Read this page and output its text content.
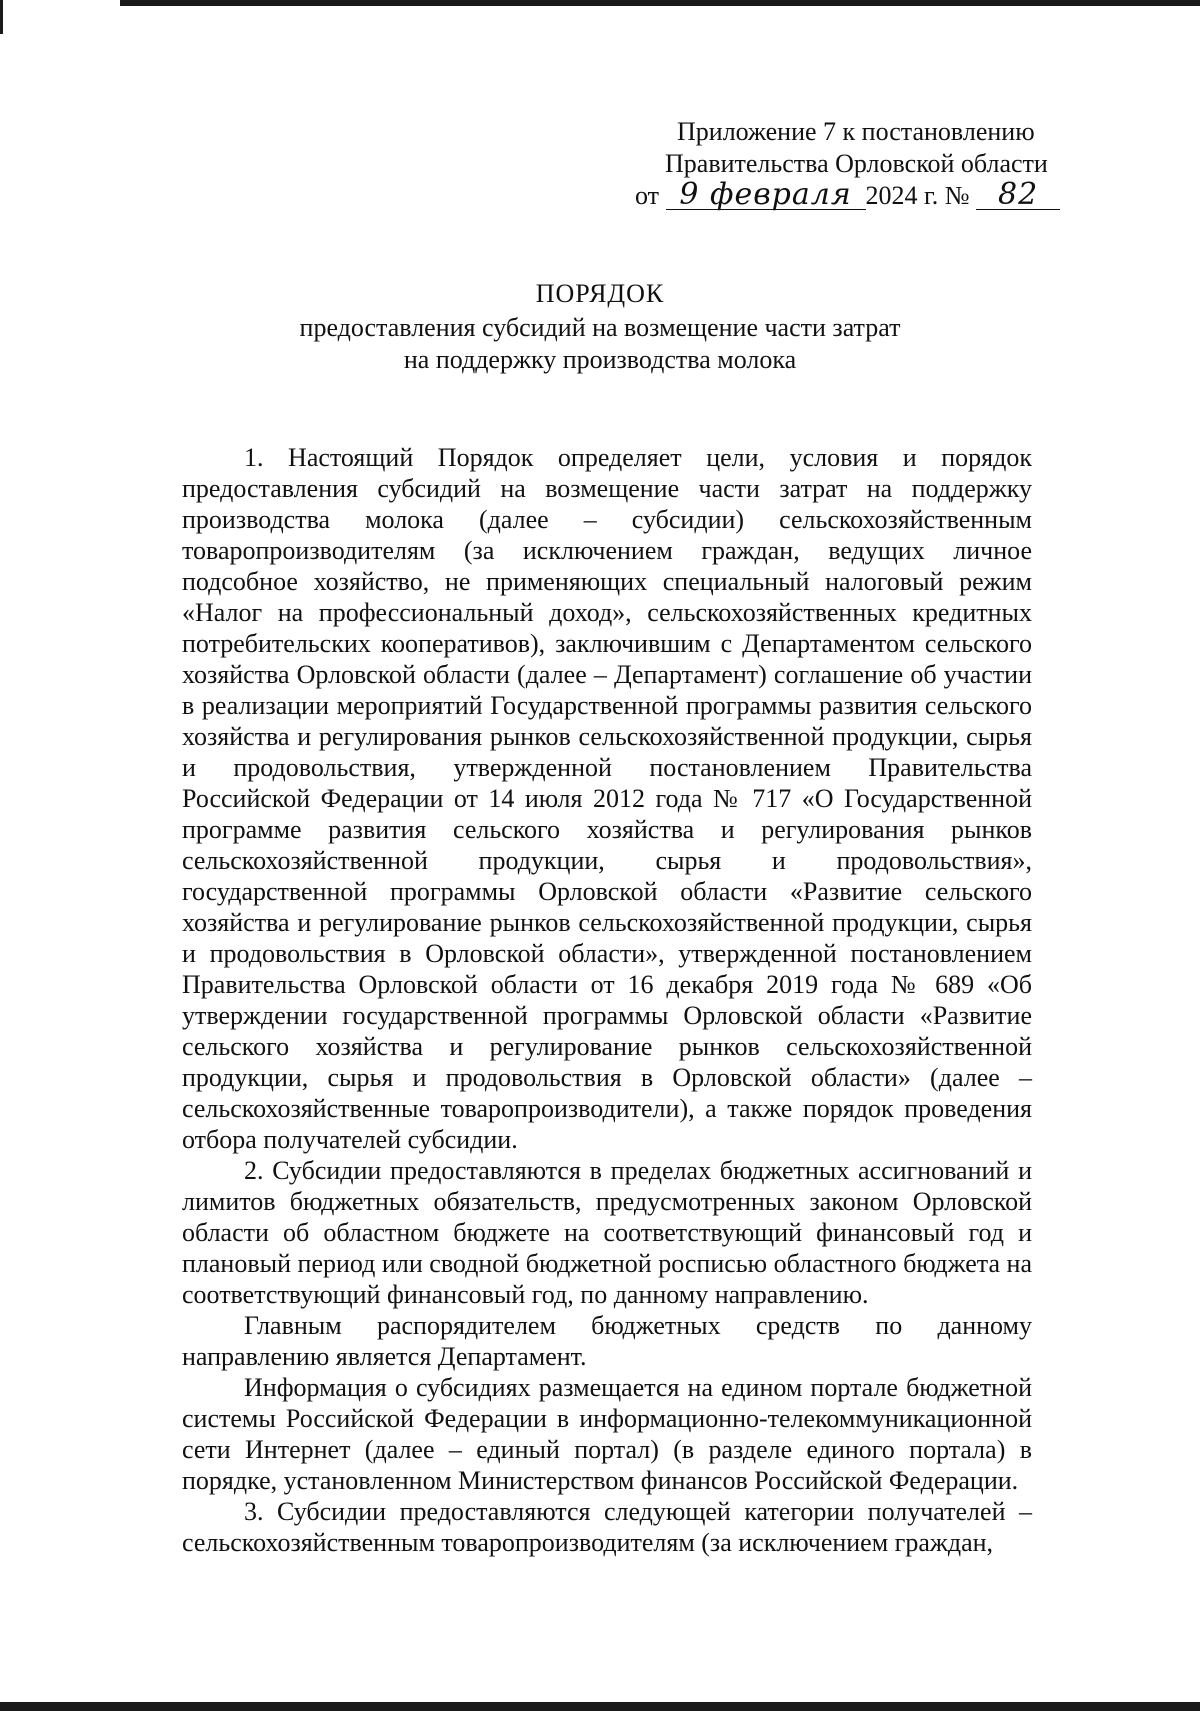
Приложение 7 к постановлению
Правительства Орловской области
от 9 февраля 2024 г. № 82
ПОРЯДОК
предоставления субсидий на возмещение части затрат
на поддержку производства молока

1. Настоящий Порядок определяет цели, условия и порядок предоставления субсидий на возмещение части затрат на поддержку производства молока (далее – субсидии) сельскохозяйственным товаропроизводителям (за исключением граждан, ведущих личное подсобное хозяйство, не применяющих специальный налоговый режим «Налог на профессиональный доход», сельскохозяйственных кредитных потребительских кооперативов), заключившим с Департаментом сельского хозяйства Орловской области (далее – Департамент) соглашение об участии в реализации мероприятий Государственной программы развития сельского хозяйства и регулирования рынков сельскохозяйственной продукции, сырья и продовольствия, утвержденной постановлением Правительства Российской Федерации от 14 июля 2012 года № 717 «О Государственной программе развития сельского хозяйства и регулирования рынков сельскохозяйственной продукции, сырья и продовольствия», государственной программы Орловской области «Развитие сельского хозяйства и регулирование рынков сельскохозяйственной продукции, сырья и продовольствия в Орловской области», утвержденной постановлением Правительства Орловской области от 16 декабря 2019 года № 689 «Об утверждении государственной программы Орловской области «Развитие сельского хозяйства и регулирование рынков сельскохозяйственной продукции, сырья и продовольствия в Орловской области» (далее – сельскохозяйственные товаропроизводители), а также порядок проведения отбора получателей субсидии.

2. Субсидии предоставляются в пределах бюджетных ассигнований и лимитов бюджетных обязательств, предусмотренных законом Орловской области об областном бюджете на соответствующий финансовый год и плановый период или сводной бюджетной росписью областного бюджета на соответствующий финансовый год, по данному направлению.

Главным распорядителем бюджетных средств по данному направлению является Департамент.

Информация о субсидиях размещается на едином портале бюджетной системы Российской Федерации в информационно-телекоммуникационной сети Интернет (далее – единый портал) (в разделе единого портала) в порядке, установленном Министерством финансов Российской Федерации.

3. Субсидии предоставляются следующей категории получателей – сельскохозяйственным товаропроизводителям (за исключением граждан,
